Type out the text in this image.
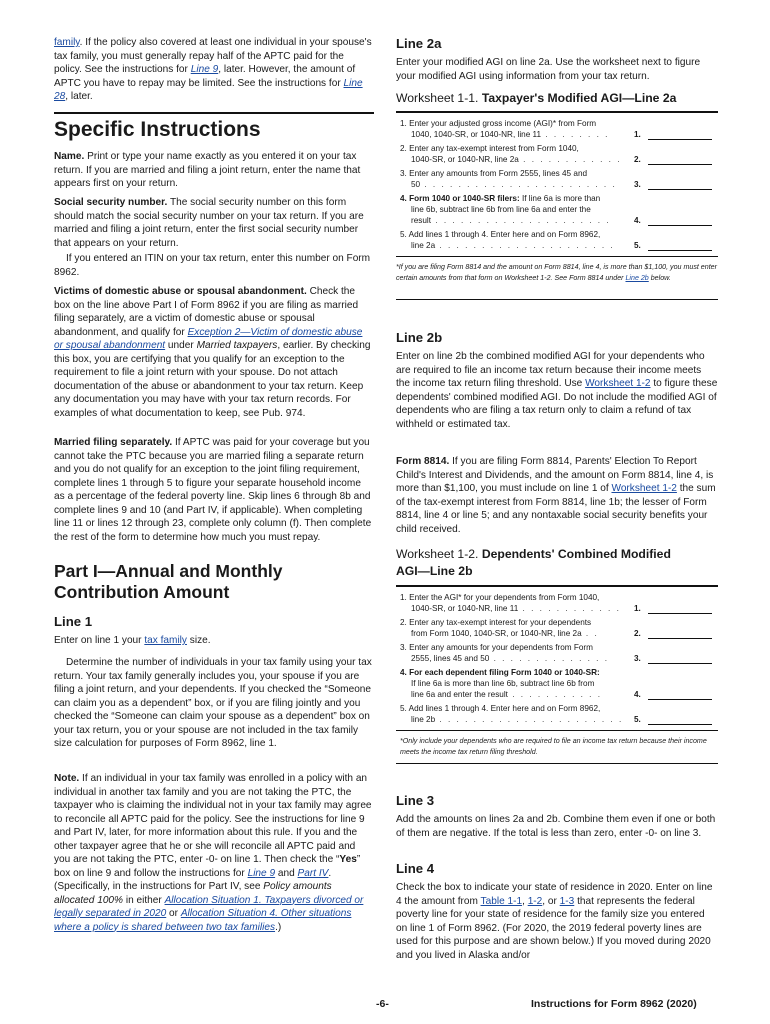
family. If the policy also covered at least one individual in your spouse's tax family, you must generally repay half of the APTC paid for the policy. See the instructions for Line 9, later. However, the amount of APTC you have to repay may be limited. See the instructions for Line 28, later.

Specific Instructions

Name. Print or type your name exactly as you entered it on your tax return. If you are married and filing a joint return, enter the name that appears first on your return.

Social security number. The social security number on this form should match the social security number on your tax return. If you are married and filing a joint return, enter the first social security number that appears on your return.

If you entered an ITIN on your tax return, enter this number on Form 8962.

Victims of domestic abuse or spousal abandonment. Check the box on the line above Part I of Form 8962 if you are filing as married filing separately, are a victim of domestic abuse or spousal abandonment, and qualify for Exception 2—Victim of domestic abuse or spousal abandonment under Married taxpayers, earlier. By checking this box, you are certifying that you qualify for an exception to the requirement to file a joint return with your spouse. Do not attach documentation of the abuse or abandonment to your tax return. Keep any documentation you may have with your tax return records. For examples of what documentation to keep, see Pub. 974.

Married filing separately. If APTC was paid for your coverage but you cannot take the PTC because you are married filing a separate return and you do not qualify for an exception to the joint filing requirement, complete lines 1 through 5 to figure your separate household income as a percentage of the federal poverty line. Skip lines 6 through 8b and complete lines 9 and 10 (and Part IV, if applicable). When completing line 11 or lines 12 through 23, complete only column (f). Then complete the rest of the form to determine how much you must repay.

Part I—Annual and Monthly
Contribution Amount
Line 1

Enter on line 1 your tax family size.

Determine the number of individuals in your tax family using your tax return. Your tax family generally includes you, your spouse if you are filing a joint return, and your dependents. If you checked the “Someone can claim you as a dependent” box, or if you are filing jointly and you checked the “Someone can claim your spouse as a dependent” box on your tax return, you or your spouse are not included in the tax family size calculation for purposes of Form 8962, line 1.

Note. If an individual in your tax family was enrolled in a policy with an individual in another tax family and you are not taking the PTC, the taxpayer who is claiming the individual not in your tax family may agree to reconcile all APTC paid for the policy. See the instructions for line 9 and Part IV, later, for more information about this rule. If you and the other taxpayer agree that he or she will reconcile all APTC paid and you are not taking the PTC, enter -0- on line 1. Then check the “Yes” box on line 9 and follow the instructions for Line 9 and Part IV. (Specifically, in the instructions for Part IV, see Policy amounts allocated 100% in either Allocation Situation 1. Taxpayers divorced or legally separated in 2020 or Allocation Situation 4. Other situations where a policy is shared between two tax families.)

Line 2a

Enter your modified AGI on line 2a. Use the worksheet next to figure your modified AGI using information from your tax return.

Worksheet 1-1. Taxpayer's Modified AGI—Line 2a
1. Enter your adjusted gross income (AGI)* from Form
1040, 1040-SR, or 1040-NR, line 11 . . . . . . . .	1.
2. Enter any tax-exempt interest from Form 1040,
1040-SR, or 1040-NR, line 2a . . . . . . . . . . . .	2.
3. Enter any amounts from Form 2555, lines 45 and
50 . . . . . . . . . . . . . . . . . . . . . . .	3.
4. Form 1040 or 1040-SR filers: If line 6a is more than
line 6b, subtract line 6b from line 6a and enter the
result . . . . . . . . . . . . . . . . . . . . .	4.
5. Add lines 1 through 4. Enter here and on Form 8962,
line 2a . . . . . . . . . . . . . . . . . . . . .	5.

*If you are filing Form 8814 and the amount on Form 8814, line 4, is more than $1,100, you must enter certain amounts from that form on Worksheet 1-2. See Form 8814 under Line 2b below.

Line 2b

Enter on line 2b the combined modified AGI for your dependents who are required to file an income tax return because their income meets the income tax return filing threshold. Use Worksheet 1-2 to figure these dependents' combined modified AGI. Do not include the modified AGI of dependents who are filing a tax return only to claim a refund of tax withheld or estimated tax.

Form 8814. If you are filing Form 8814, Parents' Election To Report Child's Interest and Dividends, and the amount on Form 8814, line 4, is more than $1,100, you must include on line 1 of Worksheet 1-2 the sum of the tax-exempt interest from Form 8814, line 1b; the lesser of Form 8814, line 4 or line 5; and any nontaxable social security benefits your child received.

Worksheet 1-2. Dependents' Combined Modified
AGI—Line 2b
1. Enter the AGI* for your dependents from Form 1040,
1040-SR, or 1040-NR, line 11 . . . . . . . . . . . .	1.
2. Enter any tax-exempt interest for your dependents
from Form 1040, 1040-SR, or 1040-NR, line 2a . .	2.
3. Enter any amounts for your dependents from Form
2555, lines 45 and 50 . . . . . . . . . . . . . .	3.
4. For each dependent filing Form 1040 or 1040-SR:
If line 6a is more than line 6b, subtract line 6b from
line 6a and enter the result . . . . . . . . . . .	4.
5. Add lines 1 through 4. Enter here and on Form 8962,
line 2b . . . . . . . . . . . . . . . . . . . . . .	5.

*Only include your dependents who are required to file an income tax return because their income meets the income tax return filing threshold.

Line 3

Add the amounts on lines 2a and 2b. Combine them even if one or both of them are negative. If the total is less than zero, enter -0- on line 3.

Line 4

Check the box to indicate your state of residence in 2020. Enter on line 4 the amount from Table 1-1, 1-2, or 1-3 that represents the federal poverty line for your state of residence for the family size you entered on line 1 of Form 8962. (For 2020, the 2019 federal poverty lines are used for this purpose and are shown below.) If you moved during 2020 and you lived in Alaska and/or

-6-	Instructions for Form 8962 (2020)
